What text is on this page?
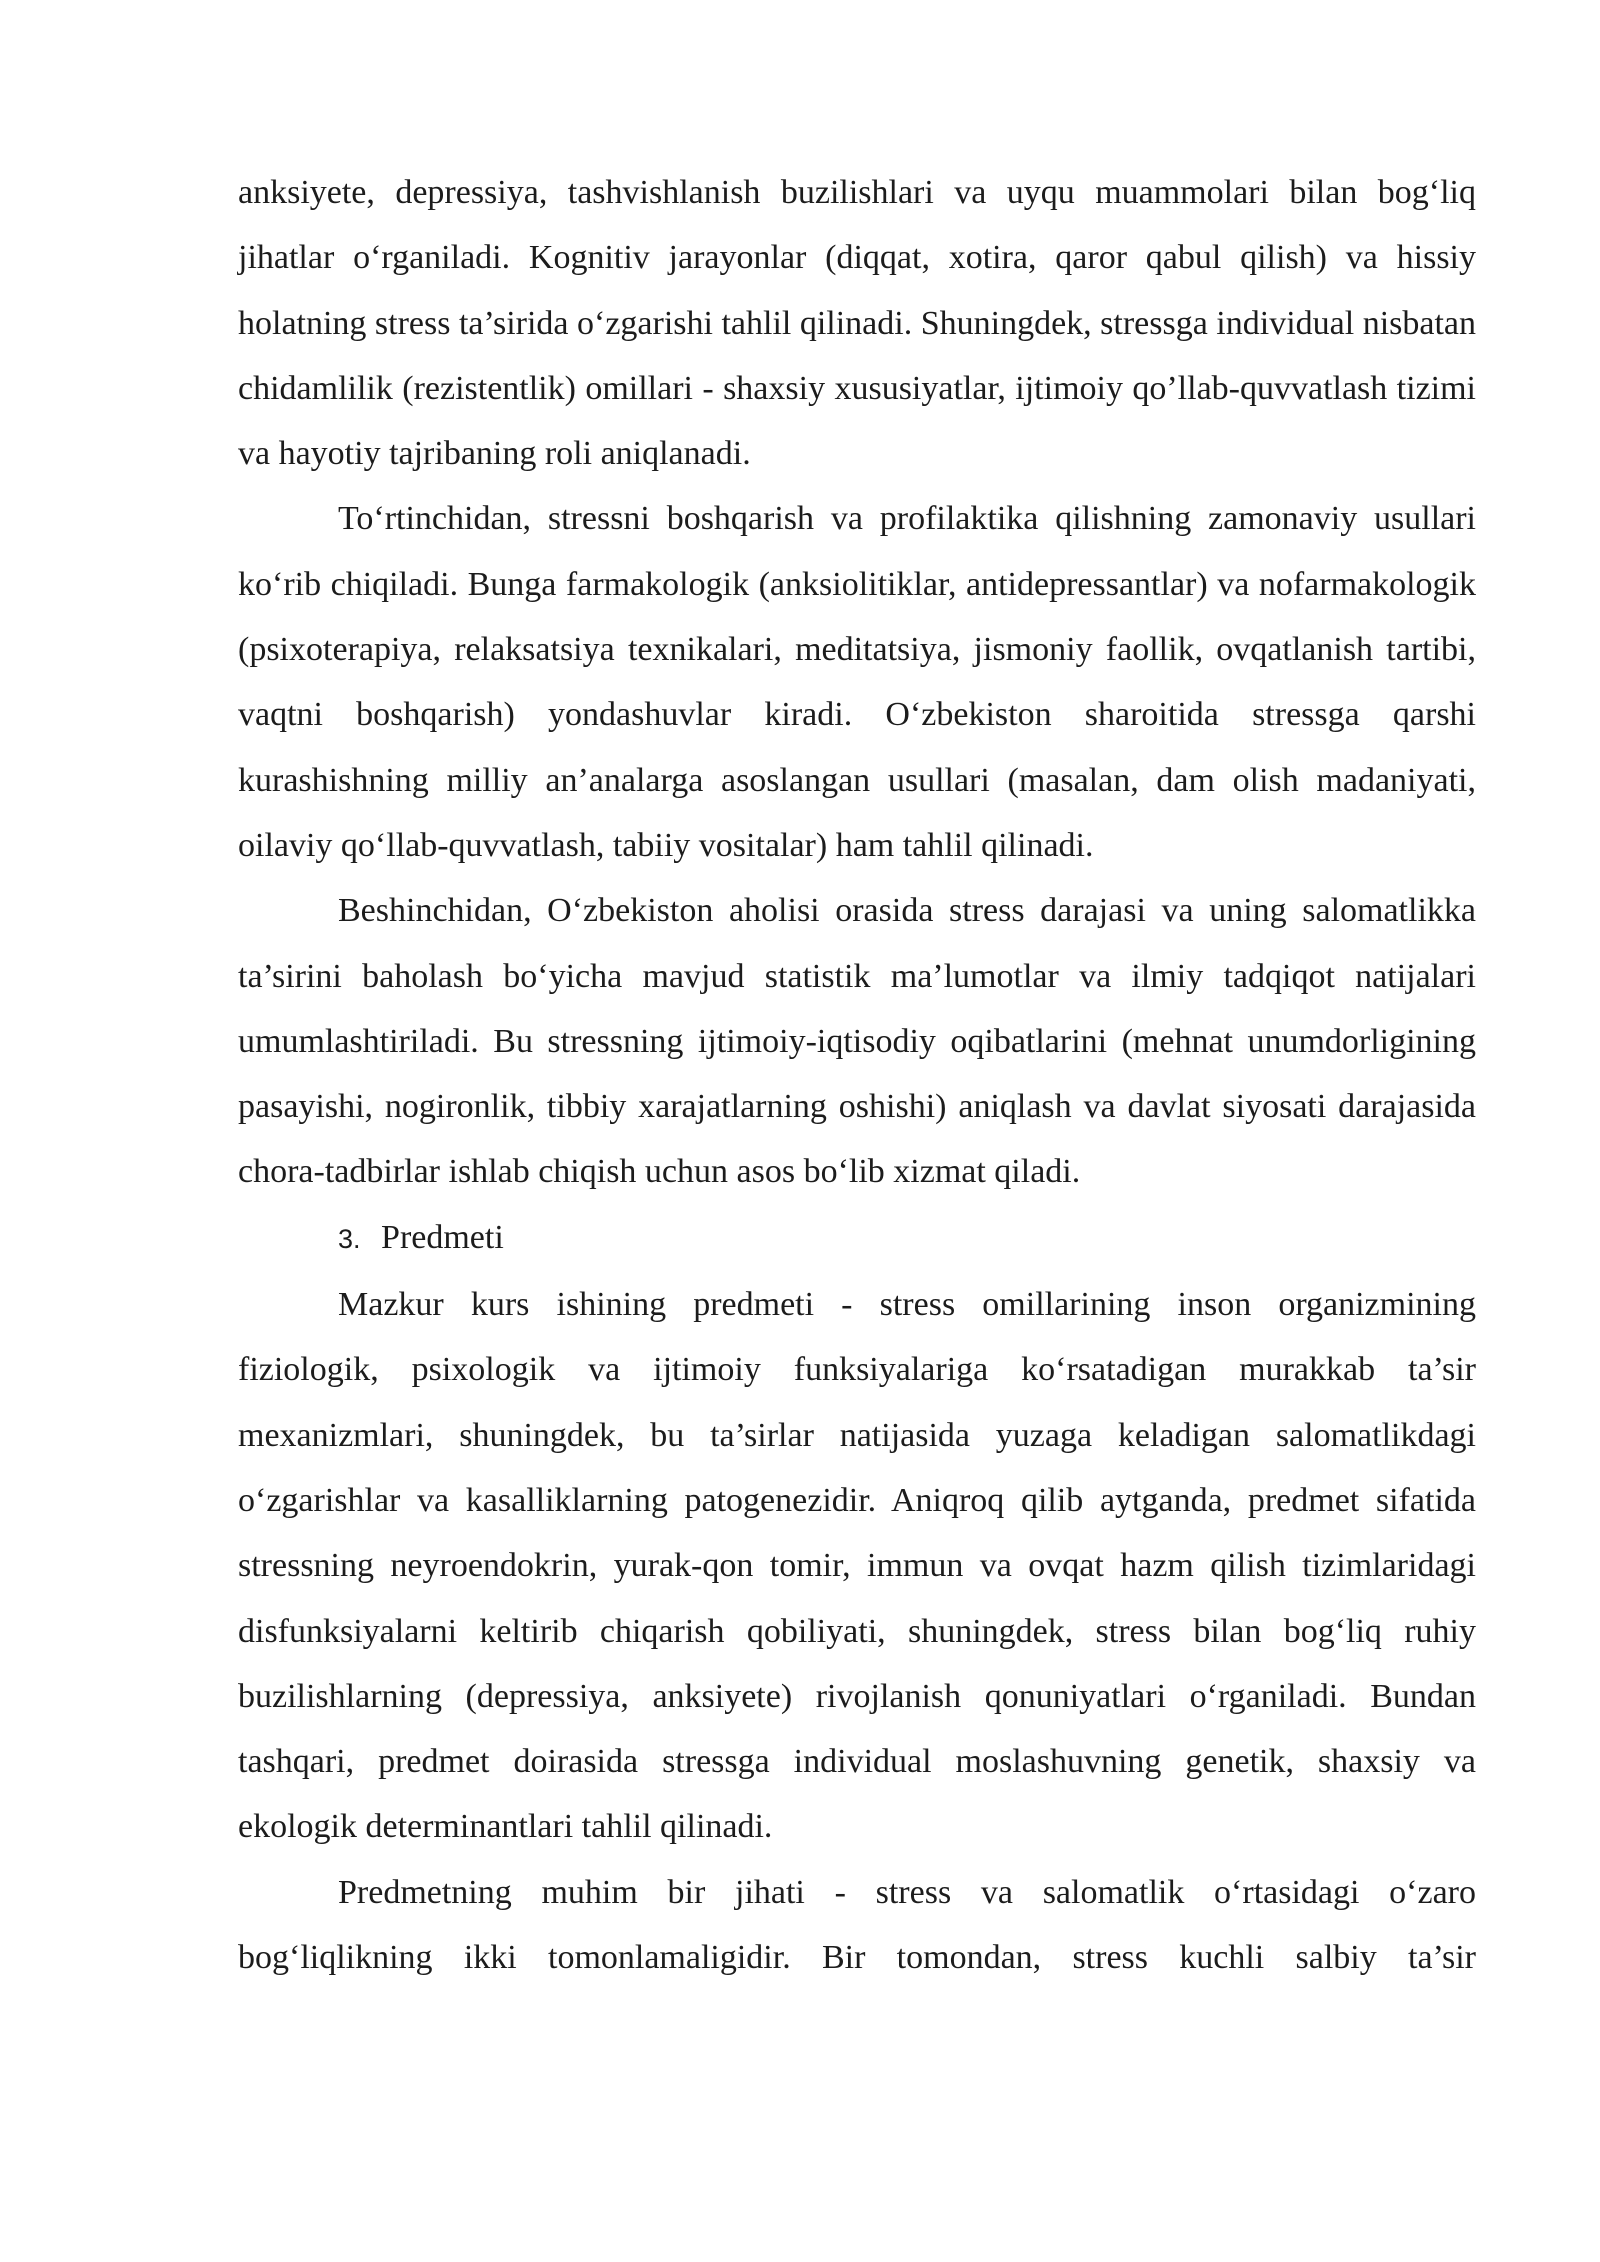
anksiyete, depressiya, tashvishlanish buzilishlari va uyqu muammolari bilan bog‘liq jihatlar o‘rganiladi. Kognitiv jarayonlar (diqqat, xotira, qaror qabul qilish) va hissiy holatning stress ta’sirida o‘zgarishi tahlil qilinadi. Shuningdek, stressga individual nisbatan chidamlilik (rezistentlik) omillari - shaxsiy xususiyatlar, ijtimoiy qo’llab-quvvatlash tizimi va hayotiy tajribaning roli aniqlanadi.

To‘rtinchidan, stressni boshqarish va profilaktika qilishning zamonaviy usullari ko‘rib chiqiladi. Bunga farmakologik (anksiolitiklar, antidepressantlar) va nofarmakologik (psixoterapiya, relaksatsiya texnikalari, meditatsiya, jismoniy faollik, ovqatlanish tartibi, vaqtni boshqarish) yondashuvlar kiradi. O‘zbekiston sharoitida stressga qarshi kurashishning milliy an’analarga asoslangan usullari (masalan, dam olish madaniyati, oilaviy qo‘llab-quvvatlash, tabiiy vositalar) ham tahlil qilinadi.

Beshinchidan, O‘zbekiston aholisi orasida stress darajasi va uning salomatlikka ta’sirini baholash bo‘yicha mavjud statistik ma’lumotlar va ilmiy tadqiqot natijalari umumlashtiriladi. Bu stressning ijtimoiy-iqtisodiy oqibatlarini (mehnat unumdorligining pasayishi, nogironlik, tibbiy xarajatlarning oshishi) aniqlash va davlat siyosati darajasida chora-tadbirlar ishlab chiqish uchun asos bo‘lib xizmat qiladi.

3. Predmeti

Mazkur kurs ishining predmeti - stress omillarining inson organizmining fiziologik, psixologik va ijtimoiy funksiyalariga ko‘rsatadigan murakkab ta’sir mexanizmlari, shuningdek, bu ta’sirlar natijasida yuzaga keladigan salomatlikdagi o‘zgarishlar va kasalliklarning patogenezidir. Aniqroq qilib aytganda, predmet sifatida stressning neyroendokrin, yurak-qon tomir, immun va ovqat hazm qilish tizimlaridagi disfunksiyalarni keltirib chiqarish qobiliyati, shuningdek, stress bilan bog‘liq ruhiy buzilishlarning (depressiya, anksiyete) rivojlanish qonuniyatlari o‘rganiladi. Bundan tashqari, predmet doirasida stressga individual moslashuvning genetik, shaxsiy va ekologik determinantlari tahlil qilinadi.

Predmetning muhim bir jihati - stress va salomatlik o‘rtasidagi o‘zaro bog‘liqlikning ikki tomonlamaligidir. Bir tomondan, stress kuchli salbiy ta’sir
